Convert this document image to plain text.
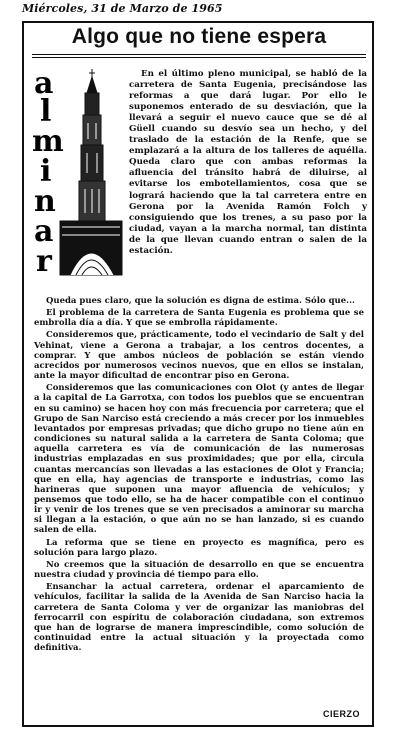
Miércoles, 31 de Marzo de 1965
Algo que no tiene espera
a
l
m
i
n
a
r

En el último pleno municipal, se habló de la carretera de Santa Eugenia, precisándose las reformas a que dará lugar. Por ello le suponemos enterado de su desviación, que la llevará a seguir el nuevo cauce que se dé al Güell cuando su desvío sea un hecho, y del traslado de la estación de la Renfe, que se emplazará a la altura de los talleres de aquélla. Queda claro que con ambas reformas la afluencia del tránsito habrá de diluirse, al evitarse los embotellamientos, cosa que se logrará haciendo que la tal carretera entre en Gerona por la Avenida Ramón Folch y consiguiendo que los trenes, a su paso por la ciudad, vayan a la marcha normal, tan distinta de la que llevan cuando entran o salen de la estación.

Queda pues claro, que la solución es digna de estima. Sólo que...

El problema de la carretera de Santa Eugenia es problema que se embrolla día a día. Y que se embrolla rápidamente.

Consideremos que, prácticamente, todo el vecindario de Salt y del Vehinat, viene a Gerona a trabajar, a los centros docentes, a comprar. Y que ambos núcleos de población se están viendo acrecidos por numerosos vecinos nuevos, que en ellos se instalan, ante la mayor dificultad de encontrar piso en Gerona.

Consideremos que las comunicaciones con Olot (y antes de llegar a la capital de La Garrotxa, con todos los pueblos que se encuentran en su camino) se hacen hoy con más frecuencia por carretera; que el Grupo de San Narciso está creciendo a más crecer por los inmuebles levantados por empresas privadas; que dicho grupo no tiene aún en condiciones su natural salida a la carretera de Santa Coloma; que aquella carretera es vía de comunicación de las numerosas industrias emplazadas en sus proximidades; que por ella, circula cuantas mercancías son llevadas a las estaciones de Olot y Francia; que en ella, hay agencias de transporte e industrias, como las harineras que suponen una mayor afluencia de vehículos; y pensemos que todo ello, se ha de hacer compatible con el continuo ir y venir de los trenes que se ven precisados a aminorar su marcha si llegan a la estación, o que aún no se han lanzado, si es cuando salen de ella.

La reforma que se tiene en proyecto es magnífica, pero es solución para largo plazo.

No creemos que la situación de desarrollo en que se encuentra nuestra ciudad y provincia dé tiempo para ello.

Ensanchar la actual carretera, ordenar el aparcamiento de vehículos, facilitar la salida de la Avenida de San Narciso hacia la carretera de Santa Coloma y ver de organizar las maniobras del ferrocarril con espíritu de colaboración ciudadana, son extremos que han de lograrse de manera imprescindible, como solución de continuidad entre la actual situación y la proyectada como definitiva.

CIERZO
